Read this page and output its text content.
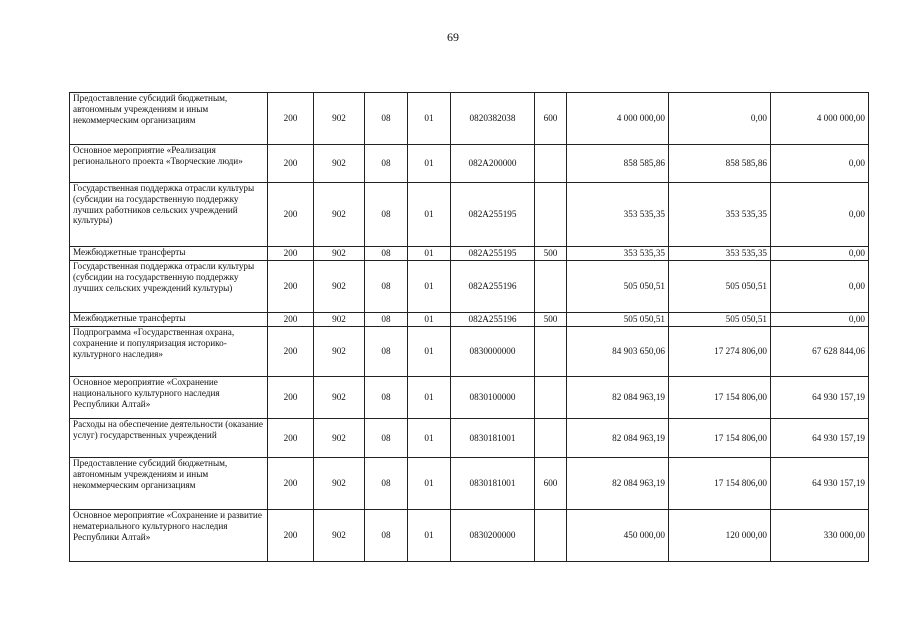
69
Предоставление субсидий бюджетным, автономным учреждениям и иным некоммерческим организациям	200	902	08	01	0820382038	600	4 000 000,00	0,00	4 000 000,00
Основное мероприятие «Реализация регионального проекта «Творческие люди»	200	902	08	01	082A200000		858 585,86	858 585,86	0,00
Государственная поддержка отрасли культуры (субсидии на государственную поддержку лучших работников сельских учреждений культуры)	200	902	08	01	082A255195		353 535,35	353 535,35	0,00
Межбюджетные трансферты	200	902	08	01	082A255195	500	353 535,35	353 535,35	0,00
Государственная поддержка отрасли культуры (субсидии на государственную поддержку лучших сельских учреждений культуры)	200	902	08	01	082A255196		505 050,51	505 050,51	0,00
Межбюджетные трансферты	200	902	08	01	082A255196	500	505 050,51	505 050,51	0,00
Подпрограмма «Государственная охрана, сохранение и популяризация историко-культурного наследия»	200	902	08	01	0830000000		84 903 650,06	17 274 806,00	67 628 844,06
Основное мероприятие «Сохранение национального культурного наследия Республики Алтай»	200	902	08	01	0830100000		82 084 963,19	17 154 806,00	64 930 157,19
Расходы на обеспечение деятельности (оказание услуг) государственных учреждений	200	902	08	01	0830181001		82 084 963,19	17 154 806,00	64 930 157,19
Предоставление субсидий бюджетным, автономным учреждениям и иным некоммерческим организациям	200	902	08	01	0830181001	600	82 084 963,19	17 154 806,00	64 930 157,19
Основное мероприятие «Сохранение и развитие нематериального культурного наследия Республики Алтай»	200	902	08	01	0830200000		450 000,00	120 000,00	330 000,00
